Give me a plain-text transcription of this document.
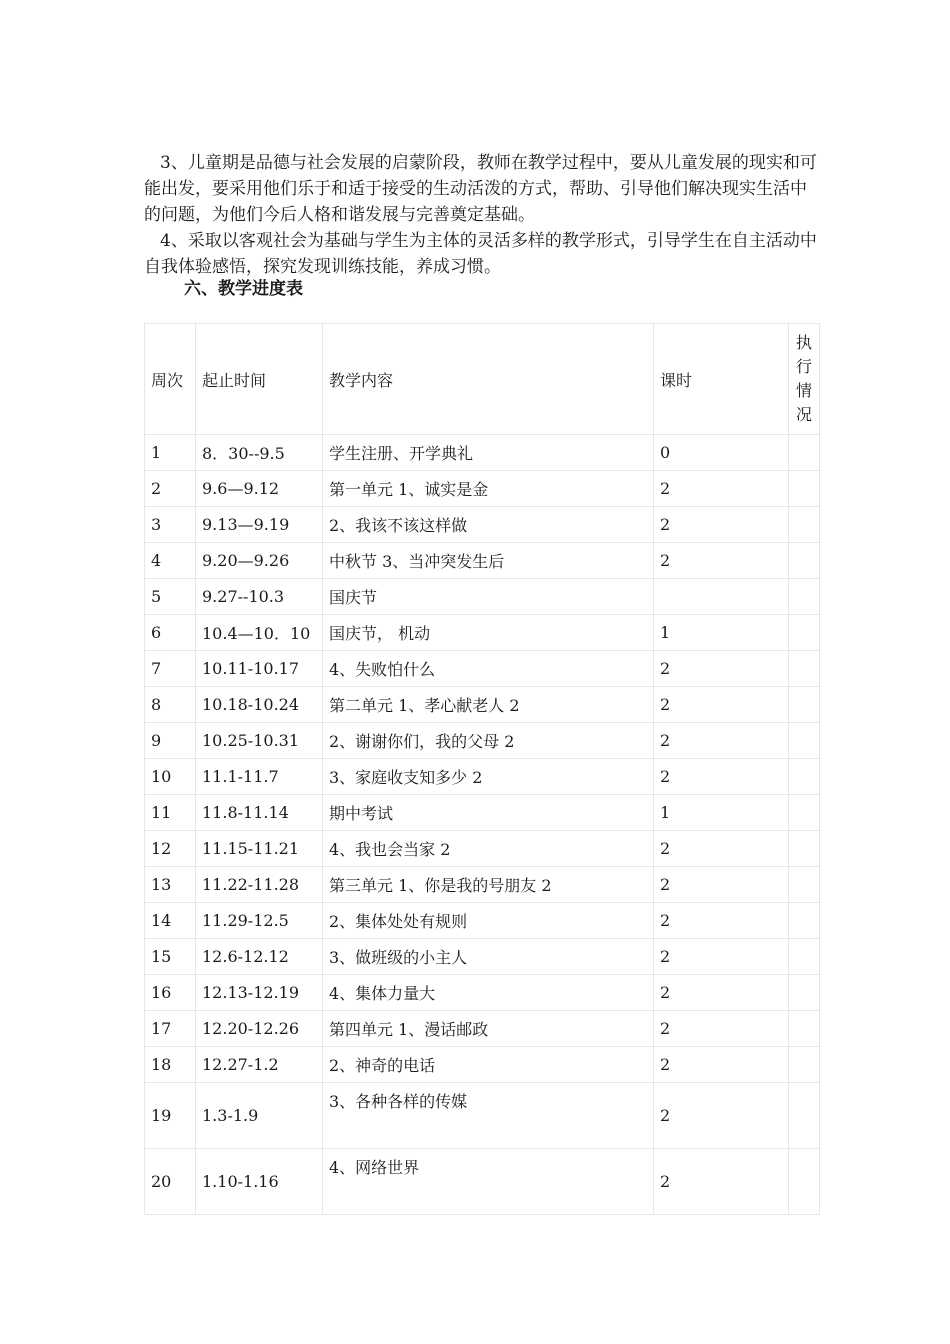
3、儿童期是品德与社会发展的启蒙阶段，教师在教学过程中，要从儿童发展的现实和可能出发，要采用他们乐于和适于接受的生动活泼的方式，帮助、引导他们解决现实生活中的问题，为他们今后人格和谐发展与完善奠定基础。

4、采取以客观社会为基础与学生为主体的灵活多样的教学形式，引导学生在自主活动中自我体验感悟，探究发现训练技能，养成习惯。

六、教学进度表

周次	起止时间	教学内容	课时	执行情况
1	8．30--9.5	学生注册、开学典礼	0	
2	9.6—9.12	第一单元 1、诚实是金	2	
3	9.13—9.19	2、我该不该这样做	2	
4	9.20—9.26	中秋节 3、当冲突发生后	2	
5	9.27--10.3	国庆节		
6	10.4—10．10	国庆节， 机动	1	
7	10.11-10.17	4、失败怕什么	2	
8	10.18-10.24	第二单元 1、孝心献老人 2	2	
9	10.25-10.31	2、谢谢你们，我的父母 2	2	
10	11.1-11.7	3、家庭收支知多少 2	2	
11	11.8-11.14	期中考试	1	
12	11.15-11.21	4、我也会当家 2	2	
13	11.22-11.28	第三单元 1、你是我的号朋友 2	2	
14	11.29-12.5	2、集体处处有规则	2	
15	12.6-12.12	3、做班级的小主人	2	
16	12.13-12.19	4、集体力量大	2	
17	12.20-12.26	第四单元 1、漫话邮政	2	
18	12.27-1.2	2、神奇的电话	2	
19	1.3-1.9	3、各种各样的传媒	2	
20	1.10-1.16	4、网络世界	2	
